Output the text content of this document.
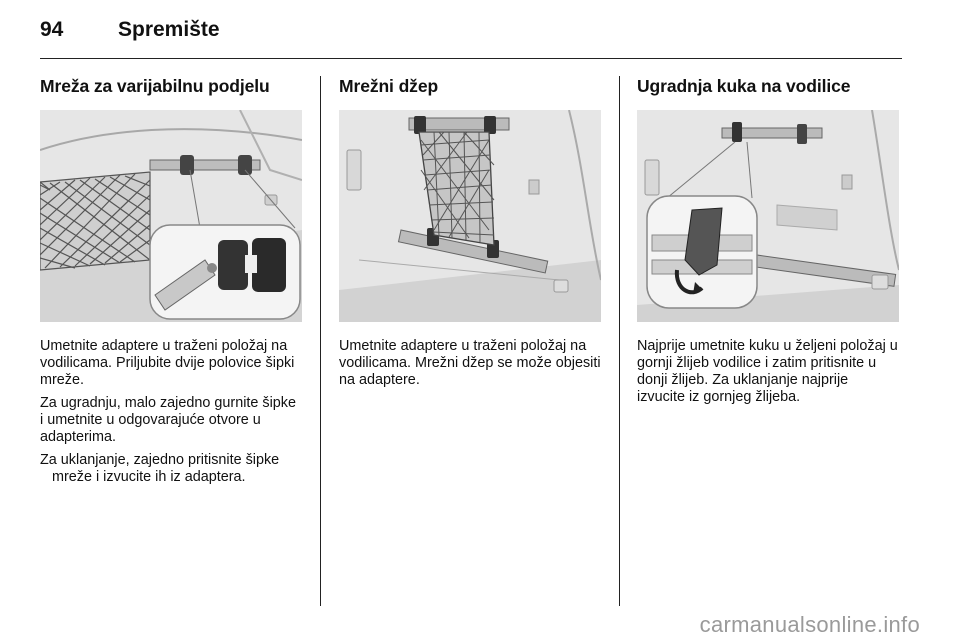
94	Spremište
Mreža za varijabilnu podjelu

Umetnite adaptere u traženi položaj na vodilicama. Priljubite dvije polovice šipki mreže.

Za ugradnju, malo zajedno gurnite šipke i umetnite u odgovarajuće otvore u adapterima.

Za uklanjanje, zajedno pritisnite šipke mreže i izvucite ih iz adaptera.

Mrežni džep

Umetnite adaptere u traženi položaj na vodilicama. Mrežni džep se može objesiti na adaptere.

Ugradnja kuka na vodilice

Najprije umetnite kuku u željeni položaj u gornji žlijeb vodilice i zatim pritisnite u donji žlijeb. Za uklanjanje najprije izvucite iz gornjeg žlijeba.

carmanualsonline.info
